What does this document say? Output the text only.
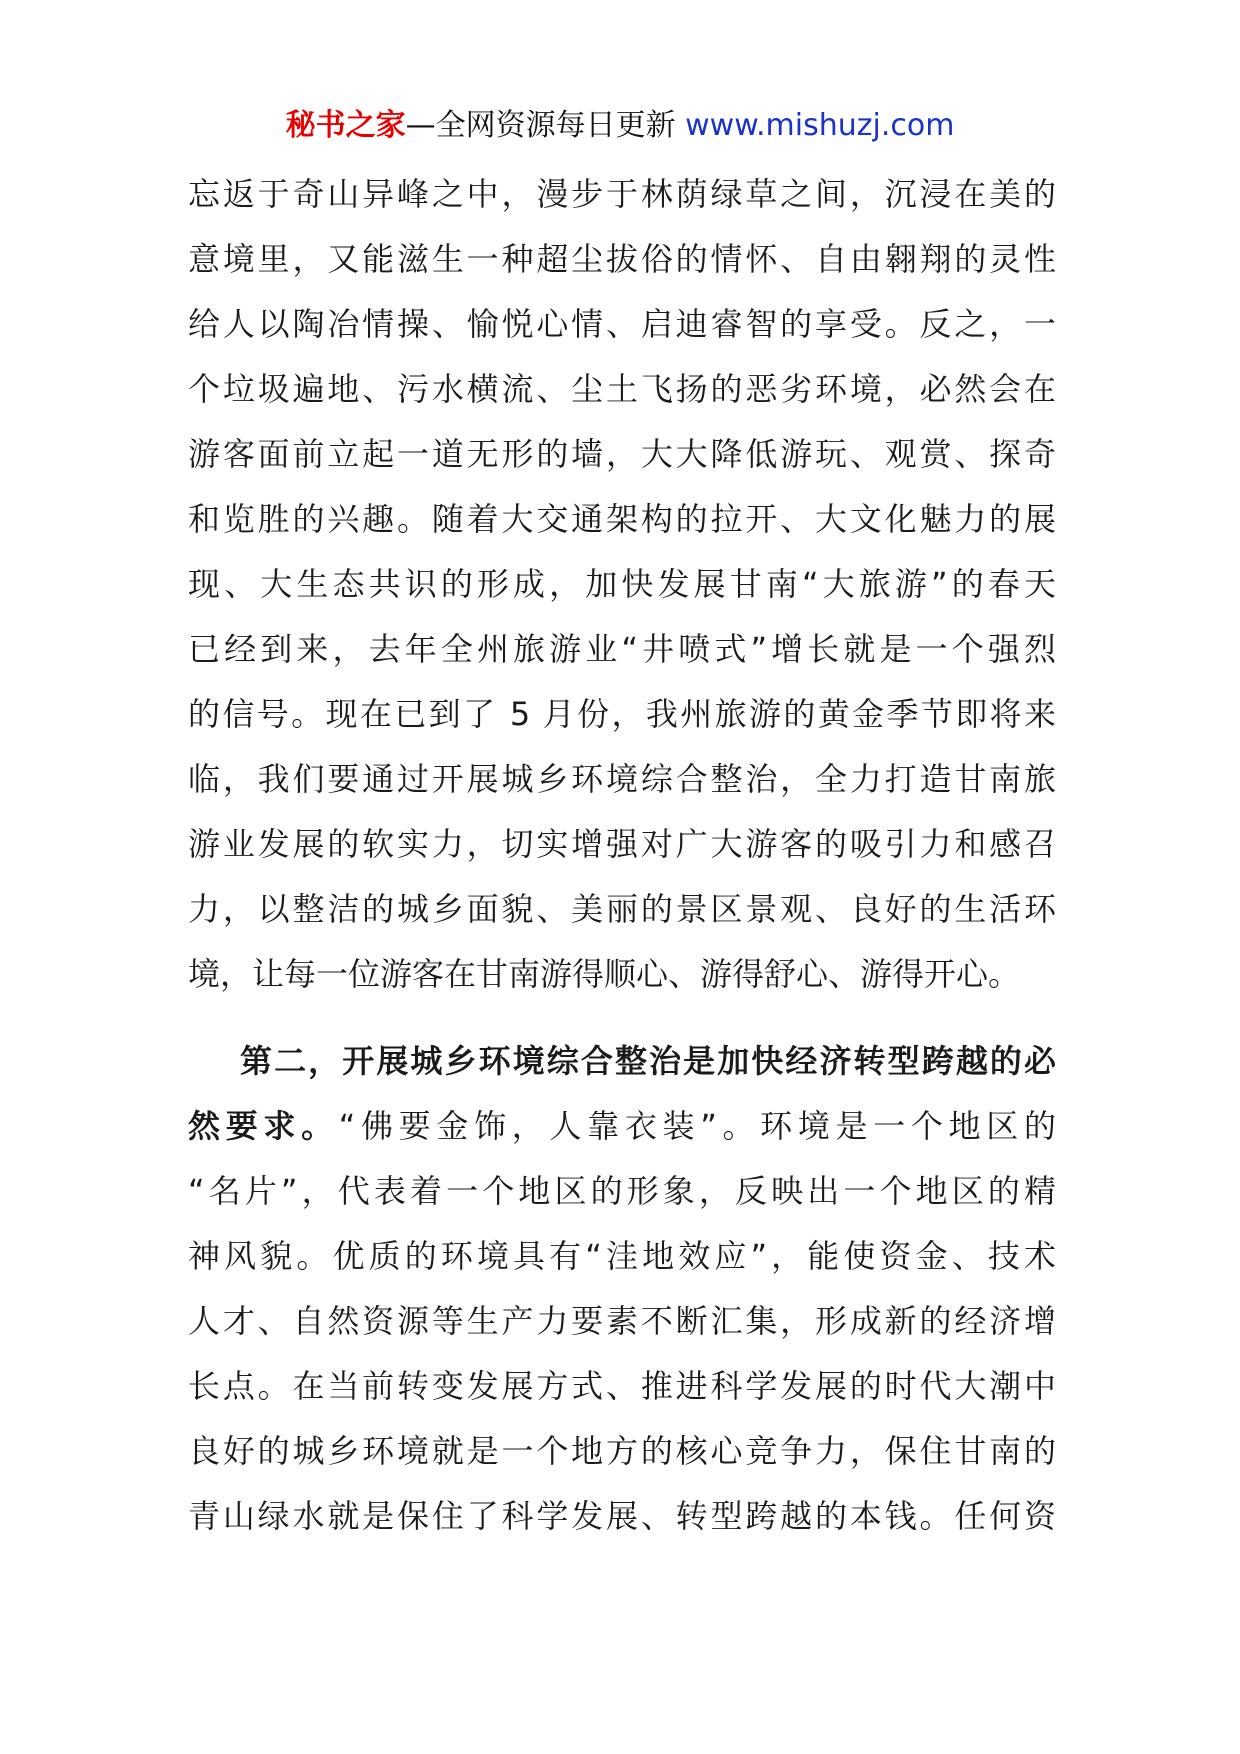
秘书之家—全网资源每日更新 www.mishuzj.com
忘返于奇山异峰之中，漫步于林荫绿草之间，沉浸在美的
意境里，又能滋生一种超尘拔俗的情怀、自由翱翔的灵性
给人以陶冶情操、愉悦心情、启迪睿智的享受。反之，一
个垃圾遍地、污水横流、尘土飞扬的恶劣环境，必然会在
游客面前立起一道无形的墙，大大降低游玩、观赏、探奇
和览胜的兴趣。随着大交通架构的拉开、大文化魅力的展
现、大生态共识的形成，加快发展甘南“大旅游”的春天
已经到来，去年全州旅游业“井喷式”增长就是一个强烈
的信号。现在已到了 5 月份，我州旅游的黄金季节即将来
临，我们要通过开展城乡环境综合整治，全力打造甘南旅
游业发展的软实力，切实增强对广大游客的吸引力和感召
力，以整洁的城乡面貌、美丽的景区景观、良好的生活环
境，让每一位游客在甘南游得顺心、游得舒心、游得开心。
第二，开展城乡环境综合整治是加快经济转型跨越的必
然要求。“佛要金饰，人靠衣装”。环境是一个地区的
“名片”，代表着一个地区的形象，反映出一个地区的精
神风貌。优质的环境具有“洼地效应”，能使资金、技术
人才、自然资源等生产力要素不断汇集，形成新的经济增
长点。在当前转变发展方式、推进科学发展的时代大潮中
良好的城乡环境就是一个地方的核心竞争力，保住甘南的
青山绿水就是保住了科学发展、转型跨越的本钱。任何资
